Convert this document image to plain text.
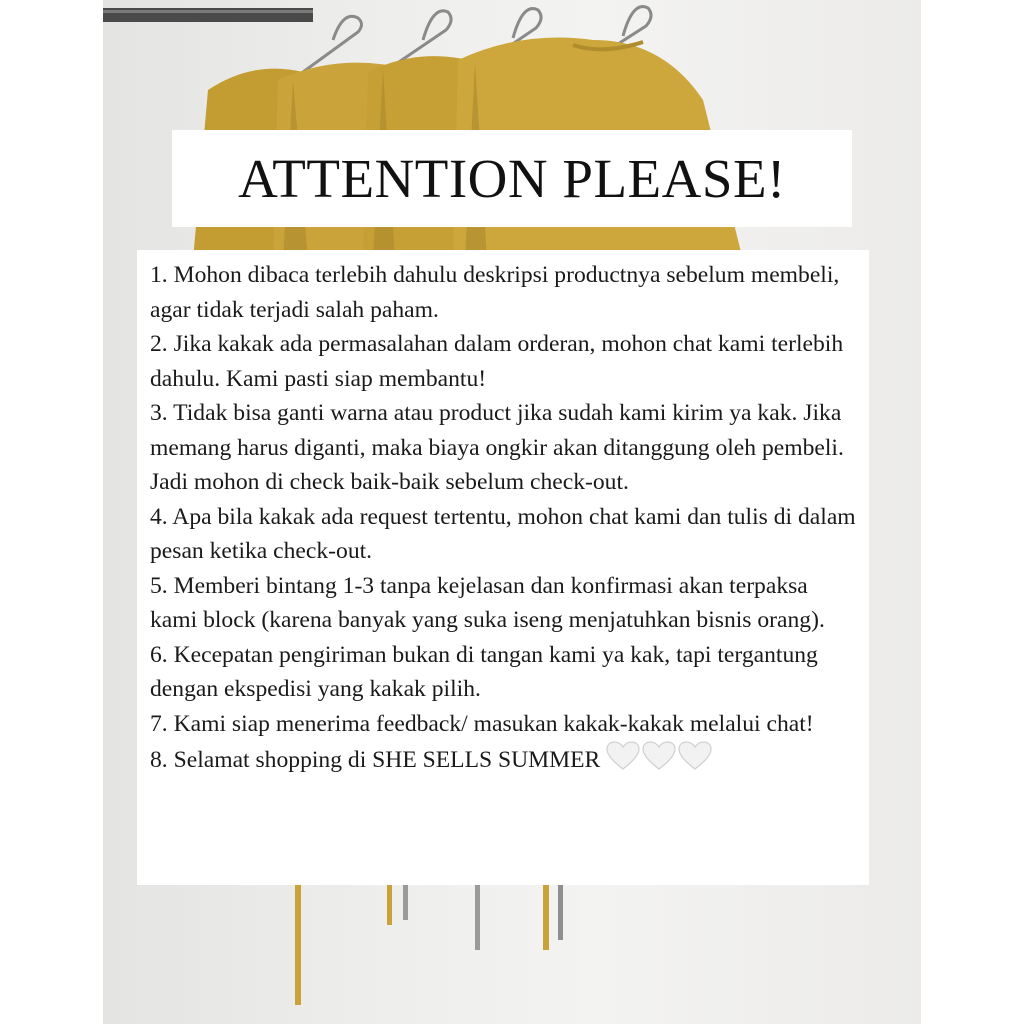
ATTENTION PLEASE!

1. Mohon dibaca terlebih dahulu deskripsi productnya sebelum membeli, agar tidak terjadi salah paham.

2. Jika kakak ada permasalahan dalam orderan, mohon chat kami terlebih dahulu. Kami pasti siap membantu!

3. Tidak bisa ganti warna atau product jika sudah kami kirim ya kak. Jika memang harus diganti, maka biaya ongkir akan ditanggung oleh pembeli. Jadi mohon di check baik-baik sebelum check-out.

4. Apa bila kakak ada request tertentu, mohon chat kami dan tulis di dalam pesan ketika check-out.

5. Memberi bintang 1-3 tanpa kejelasan dan konfirmasi akan terpaksa kami block (karena banyak yang suka iseng menjatuhkan bisnis orang).

6. Kecepatan pengiriman bukan di tangan kami ya kak, tapi tergantung dengan ekspedisi yang kakak pilih.

7. Kami siap menerima feedback/ masukan kakak-kakak melalui chat!

8. Selamat shopping di SHE SELLS SUMMER
